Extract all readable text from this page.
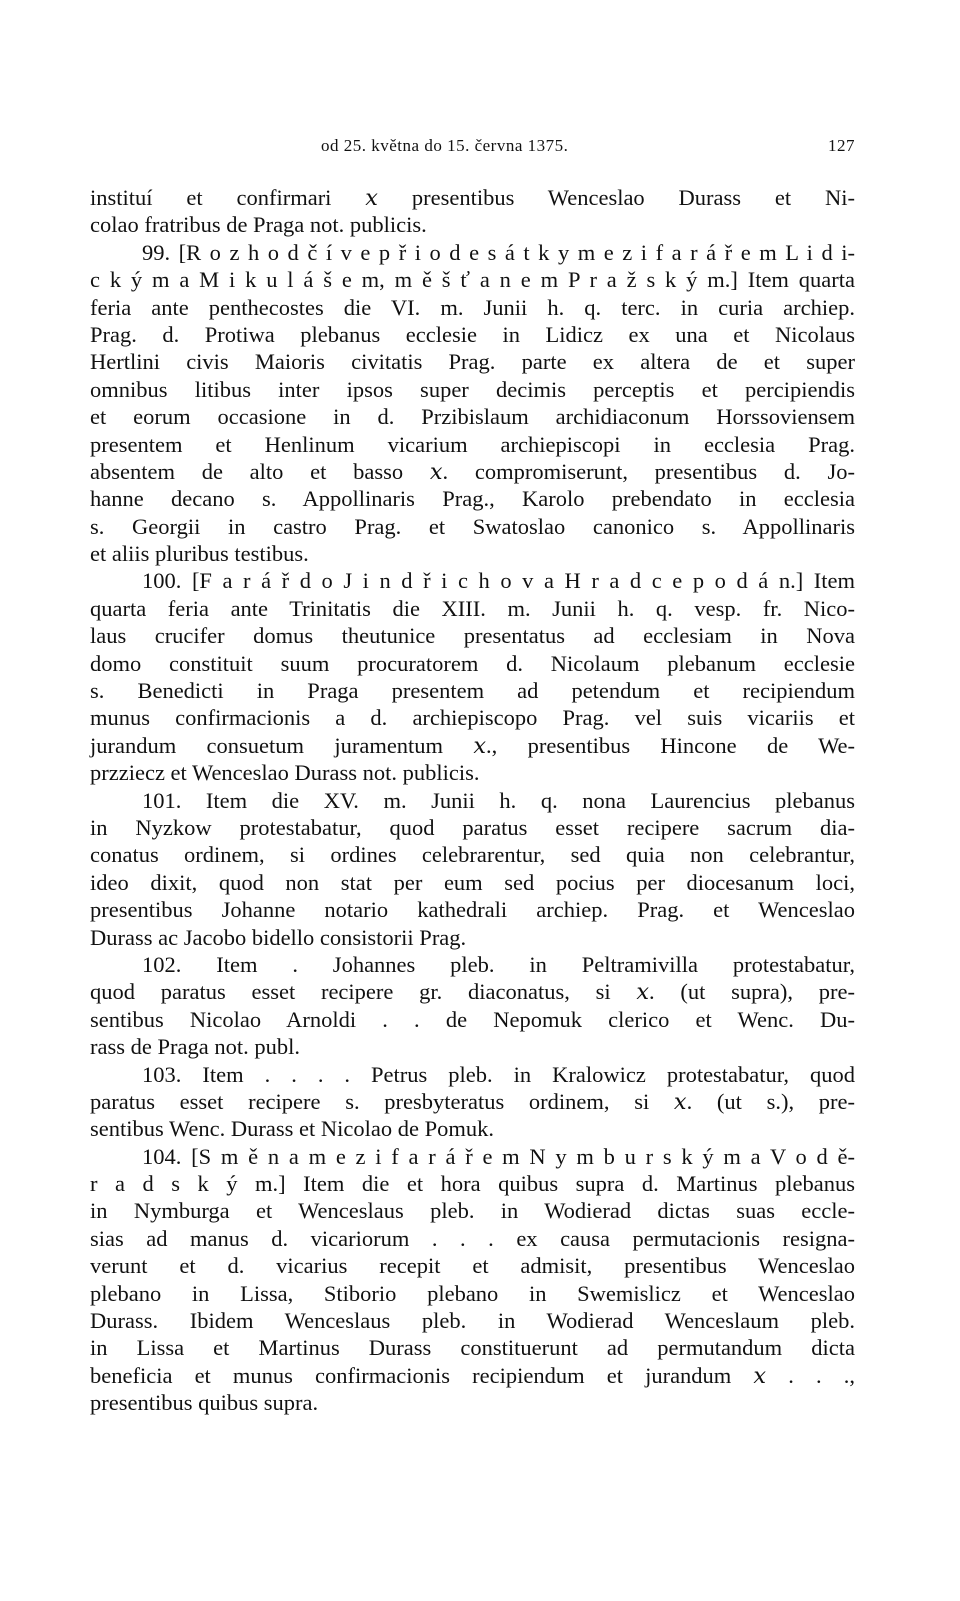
od 25. května do 15. června 1375.	127
instituí et confirmari 𝑥 presentibus Wenceslao Durass et Ni-
colao fratribus de Praga not. publicis.
99. [R o z h o d č í v e p ř i o d e s á t k y m e z i f a r á ř e m L i d i-
c k ý m a M i k u l á š e m, m ě š ť a n e m P r a ž s k ý m.] Item quarta
feria ante penthecostes die VI. m. Junii h. q. terc. in curia archiep.
Prag. d. Protiwa plebanus ecclesie in Lidicz ex una et Nicolaus
Hertlini civis Maioris civitatis Prag. parte ex altera de et super
omnibus litibus inter ipsos super decimis perceptis et percipiendis
et eorum occasione in d. Przibislaum archidiaconum Horssoviensem
presentem et Henlinum vicarium archiepiscopi in ecclesia Prag.
absentem de alto et basso 𝑥. compromiserunt, presentibus d. Jo-
hanne decano s. Appollinaris Prag., Karolo prebendato in ecclesia
s. Georgii in castro Prag. et Swatoslao canonico s. Appollinaris
et aliis pluribus testibus.
100. [F a r á ř d o J i n d ř i c h o v a H r a d c e p o d á n.] Item
quarta feria ante Trinitatis die XIII. m. Junii h. q. vesp. fr. Nico-
laus crucifer domus theutunice presentatus ad ecclesiam in Nova
domo constituit suum procuratorem d. Nicolaum plebanum ecclesie
s. Benedicti in Praga presentem ad petendum et recipiendum
munus confirmacionis a d. archiepiscopo Prag. vel suis vicariis et
jurandum consuetum juramentum 𝑥., presentibus Hincone de We-
przziecz et Wenceslao Durass not. publicis.
101. Item die XV. m. Junii h. q. nona Laurencius plebanus
in Nyzkow protestabatur, quod paratus esset recipere sacrum dia-
conatus ordinem, si ordines celebrarentur, sed quia non celebrantur,
ideo dixit, quod non stat per eum sed pocius per diocesanum loci,
presentibus Johanne notario kathedrali archiep. Prag. et Wenceslao
Durass ac Jacobo bidello consistorii Prag.
102. Item . Johannes pleb. in Peltramivilla protestabatur,
quod paratus esset recipere gr. diaconatus, si 𝑥. (ut supra), pre-
sentibus Nicolao Arnoldi . . de Nepomuk clerico et Wenc. Du-
rass de Praga not. publ.
103. Item . . . . Petrus pleb. in Kralowicz protestabatur, quod
paratus esset recipere s. presbyteratus ordinem, si 𝑥. (ut s.), pre-
sentibus Wenc. Durass et Nicolao de Pomuk.
104. [S m ě n a m e z i f a r á ř e m N y m b u r s k ý m a V o d ě-
r a d s k ý m.] Item die et hora quibus supra d. Martinus plebanus
in Nymburga et Wenceslaus pleb. in Wodierad dictas suas eccle-
sias ad manus d. vicariorum . . . ex causa permutacionis resigna-
verunt et d. vicarius recepit et admisit, presentibus Wenceslao
plebano in Lissa, Stiborio plebano in Swemislicz et Wenceslao
Durass. Ibidem Wenceslaus pleb. in Wodierad Wenceslaum pleb.
in Lissa et Martinus Durass constituerunt ad permutandum dicta
beneficia et munus confirmacionis recipiendum et jurandum 𝑥 . . .,
presentibus quibus supra.
